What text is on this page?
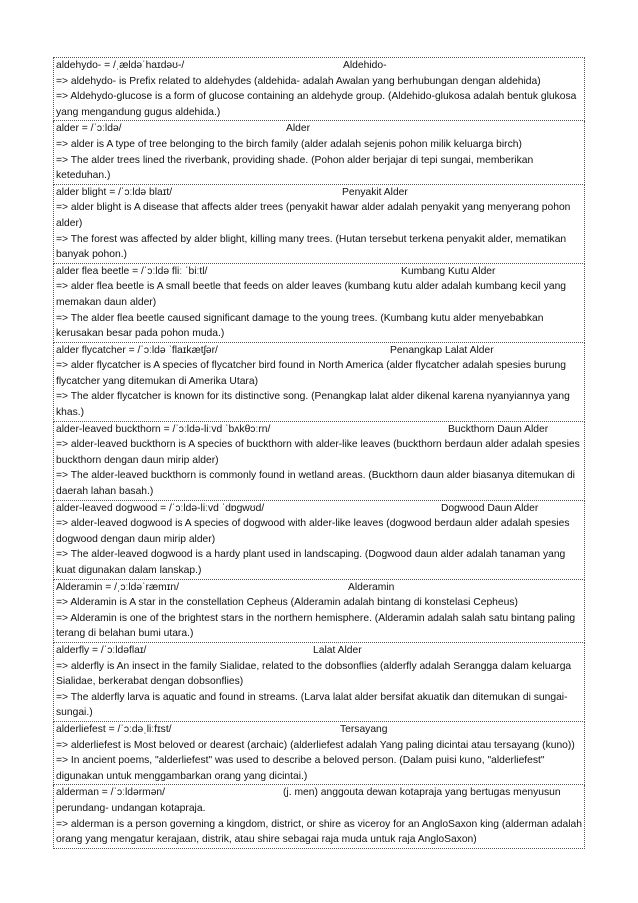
aldehydo- = /ˌældəˈhaɪdəʊ-/	Aldehido-
=> aldehydo- is Prefix related to aldehydes (aldehida- adalah Awalan yang berhubungan dengan aldehida)
=> Aldehydo-glucose is a form of glucose containing an aldehyde group. (Aldehido-glukosa adalah bentuk glukosa yang mengandung gugus aldehida.)
alder = /ˈɔːldə/	Alder
=> alder is A type of tree belonging to the birch family (alder adalah sejenis pohon milik keluarga birch)
=> The alder trees lined the riverbank, providing shade. (Pohon alder berjajar di tepi sungai, memberikan keteduhan.)
alder blight = /ˈɔːldə blaɪt/	Penyakit Alder
=> alder blight is A disease that affects alder trees (penyakit hawar alder adalah penyakit yang menyerang pohon alder)
=> The forest was affected by alder blight, killing many trees. (Hutan tersebut terkena penyakit alder, mematikan banyak pohon.)
alder flea beetle = /ˈɔːldə fliː ˈbiːtl/	Kumbang Kutu Alder
=> alder flea beetle is A small beetle that feeds on alder leaves (kumbang kutu alder adalah kumbang kecil yang memakan daun alder)
=> The alder flea beetle caused significant damage to the young trees. (Kumbang kutu alder menyebabkan kerusakan besar pada pohon muda.)
alder flycatcher = /ˈɔːldə ˈflaɪkætʃər/	Penangkap Lalat Alder
=> alder flycatcher is A species of flycatcher bird found in North America (alder flycatcher adalah spesies burung flycatcher yang ditemukan di Amerika Utara)
=> The alder flycatcher is known for its distinctive song. (Penangkap lalat alder dikenal karena nyanyiannya yang khas.)
alder-leaved buckthorn = /ˈɔːldə-liːvd ˈbʌkθɔːrn/	Buckthorn Daun Alder
=> alder-leaved buckthorn is A species of buckthorn with alder-like leaves (buckthorn berdaun alder adalah spesies buckthorn dengan daun mirip alder)
=> The alder-leaved buckthorn is commonly found in wetland areas. (Buckthorn daun alder biasanya ditemukan di daerah lahan basah.)
alder-leaved dogwood = /ˈɔːldə-liːvd ˈdɒgwʊd/	Dogwood Daun Alder
=> alder-leaved dogwood is A species of dogwood with alder-like leaves (dogwood berdaun alder adalah spesies dogwood dengan daun mirip alder)
=> The alder-leaved dogwood is a hardy plant used in landscaping. (Dogwood daun alder adalah tanaman yang kuat digunakan dalam lanskap.)
Alderamin = /ˌɔːldəˈræmɪn/	Alderamin
=> Alderamin is A star in the constellation Cepheus (Alderamin adalah bintang di konstelasi Cepheus)
=> Alderamin is one of the brightest stars in the northern hemisphere. (Alderamin adalah salah satu bintang paling terang di belahan bumi utara.)
alderfly = /ˈɔːldəflaɪ/	Lalat Alder
=> alderfly is An insect in the family Sialidae, related to the dobsonflies (alderfly adalah Serangga dalam keluarga Sialidae, berkerabat dengan dobsonflies)
=> The alderfly larva is aquatic and found in streams. (Larva lalat alder bersifat akuatik dan ditemukan di sungai-sungai.)
alderliefest = /ˈɔːdəˌliːfɪst/	Tersayang
=> alderliefest is Most beloved or dearest (archaic) (alderliefest adalah Yang paling dicintai atau tersayang (kuno))
=> In ancient poems, "alderliefest" was used to describe a beloved person. (Dalam puisi kuno, "alderliefest" digunakan untuk menggambarkan orang yang dicintai.)
alderman = /ˈɔːldərmən/	(j. men) anggouta dewan kotapraja yang bertugas menyusun
perundang- undangan kotapraja.
=> alderman is a person governing a kingdom, district, or shire as viceroy for an AngloSaxon king (alderman adalah orang yang mengatur kerajaan, distrik, atau shire sebagai raja muda untuk raja AngloSaxon)
